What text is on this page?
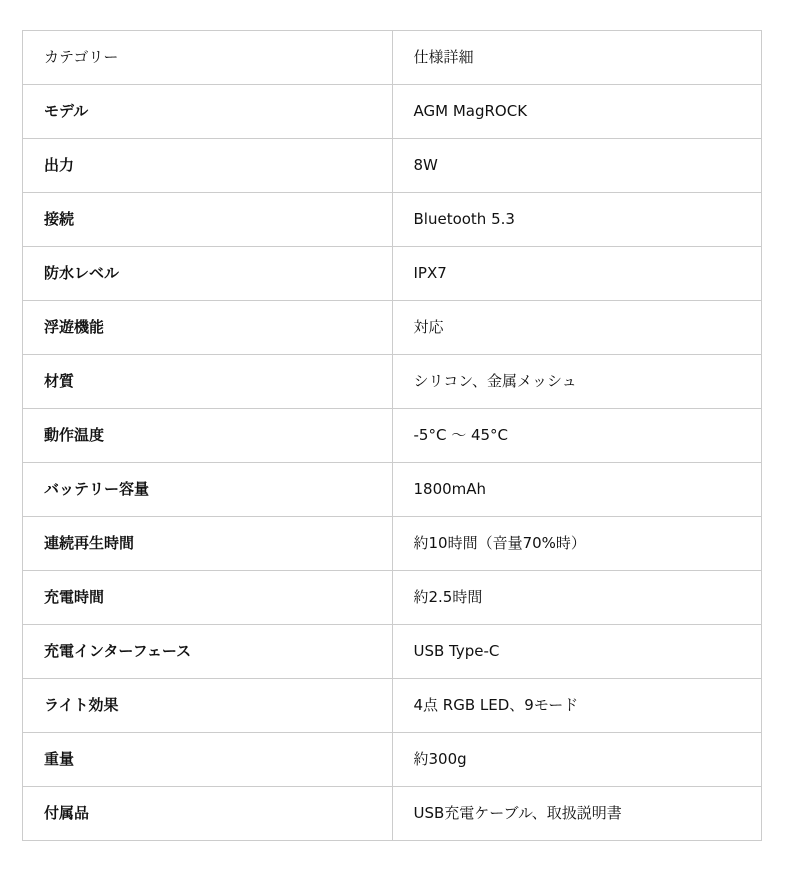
カテゴリー	仕様詳細
モデル	AGM MagROCK
出力	8W
接続	Bluetooth 5.3
防水レベル	IPX7
浮遊機能	対応
材質	シリコン、金属メッシュ
動作温度	-5°C ～ 45°C
バッテリー容量	1800mAh
連続再生時間	約10時間（音量70%時）
充電時間	約2.5時間
充電インターフェース	USB Type-C
ライト効果	4点 RGB LED、9モード
重量	約300g
付属品	USB充電ケーブル、取扱説明書
